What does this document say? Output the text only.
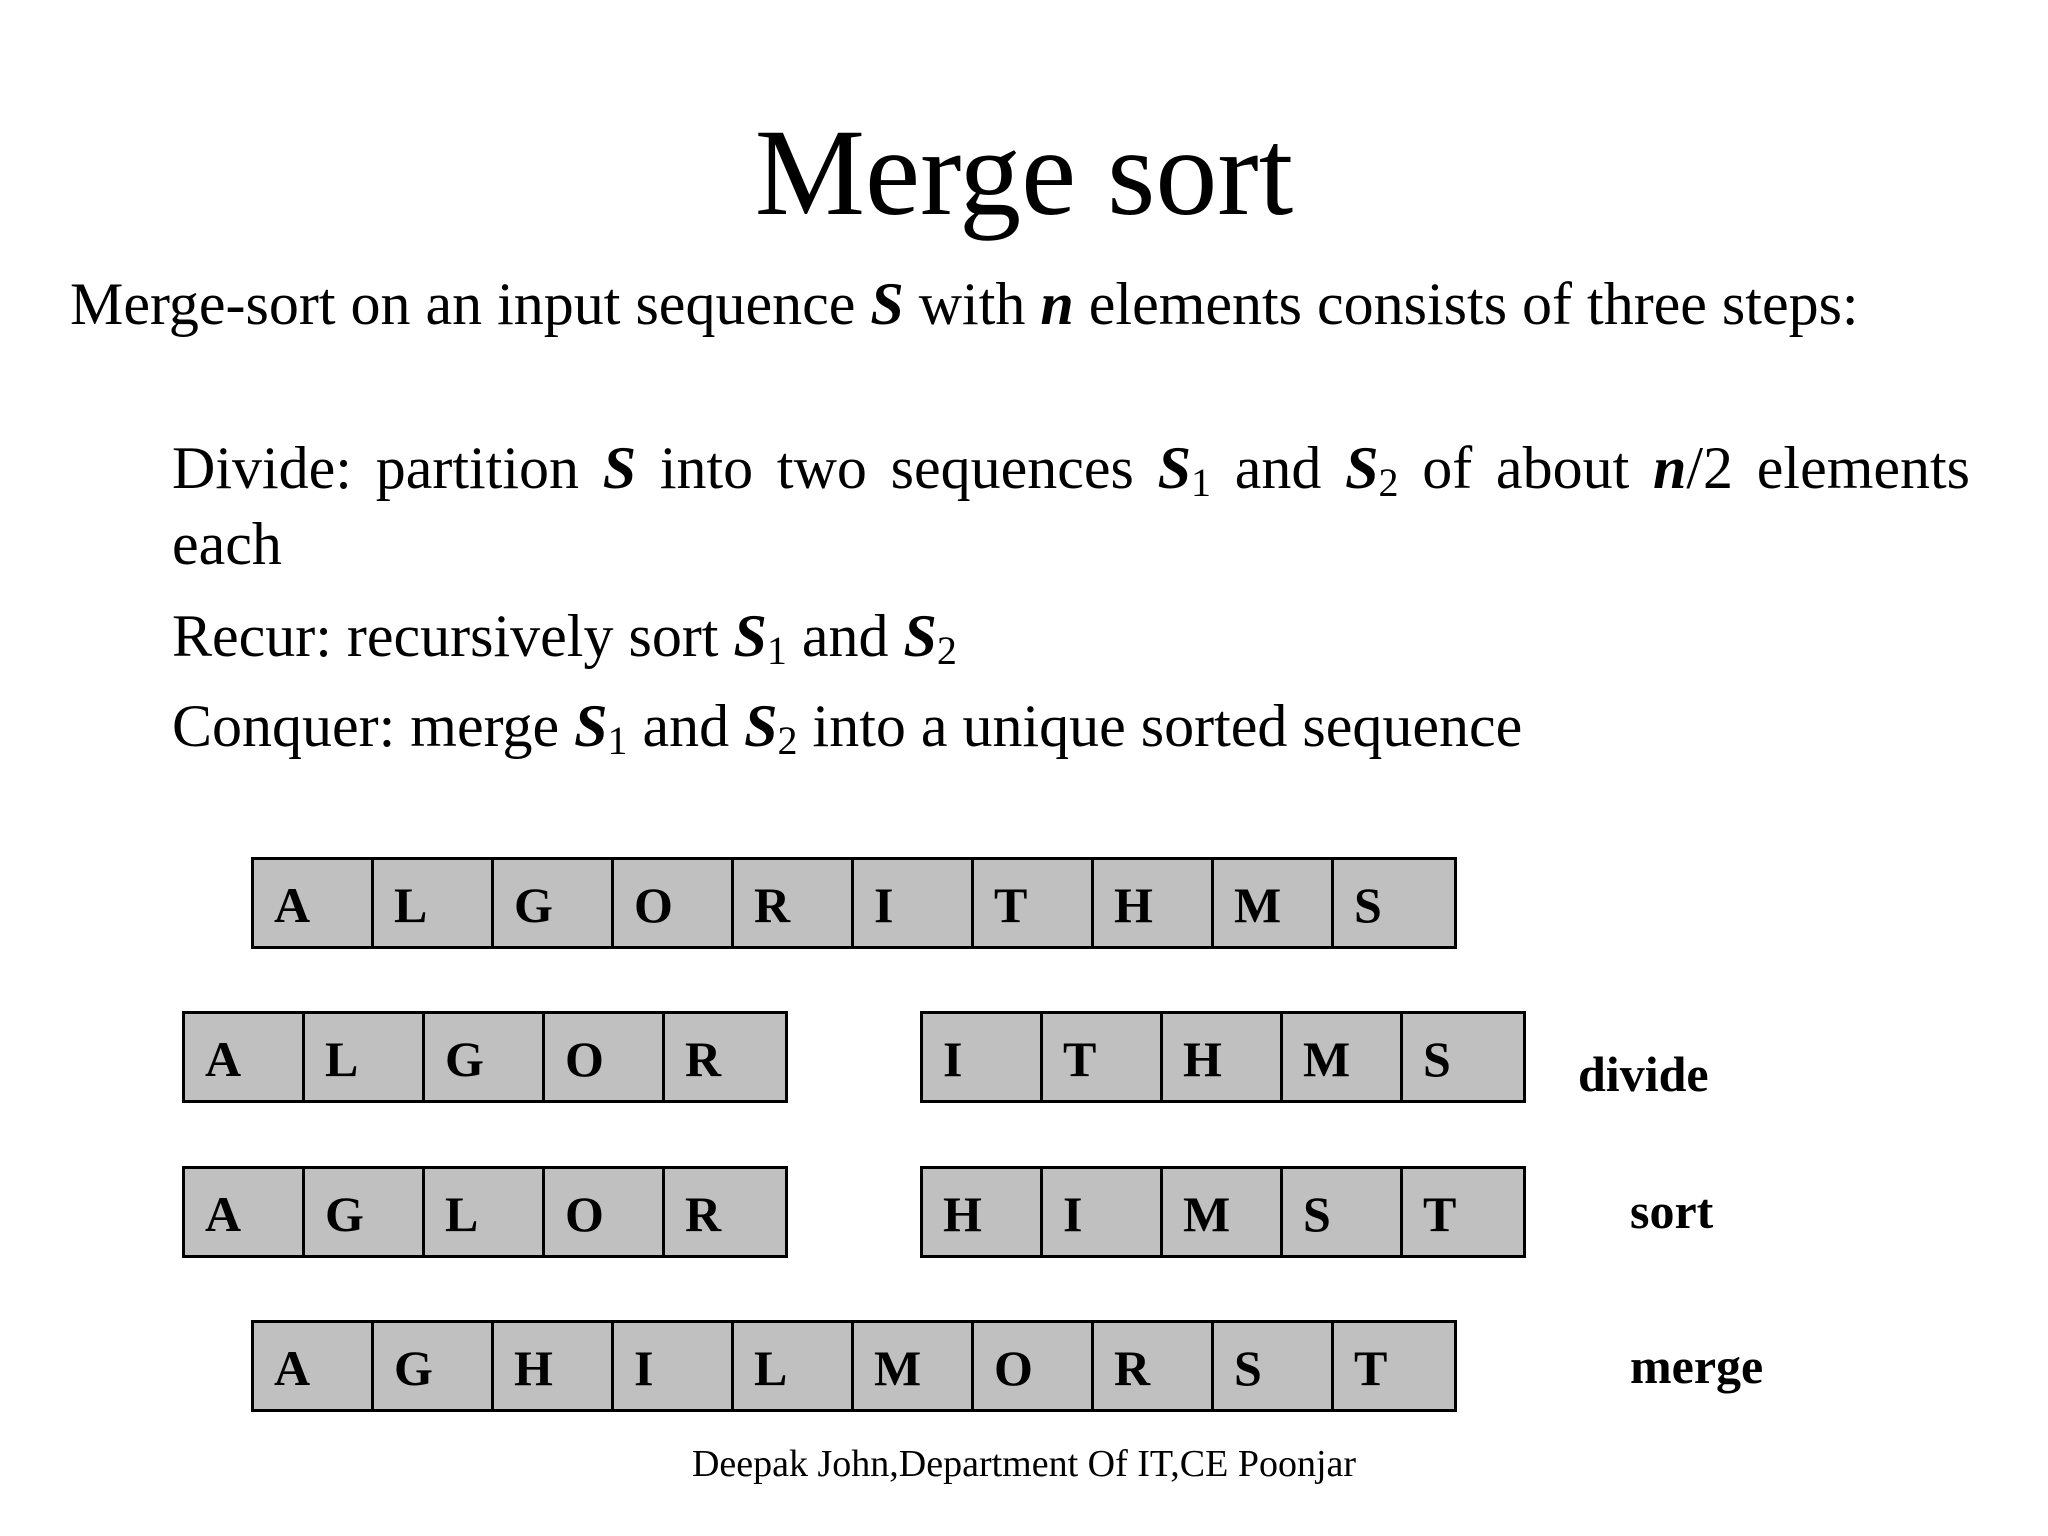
Merge sort
Merge-sort on an input sequence S with n elements consists of three steps:
Divide: partition S into two sequences $S_1$ and $S_2$ of about n/2 elements each
Recur: recursively sort $S_1$ and $S_2$
Conquer: merge $S_1$ and $S_2$ into a unique sorted sequence
A	L	G	O	R	I	T	H	M	S
A	L	G	O	R	I	T	H	M	S
A	G	L	O	R	H	I	M	S	T
A	G	H	I	L	M	O	R	S	T
divide
sort
merge
Deepak John,Department Of IT,CE Poonjar
